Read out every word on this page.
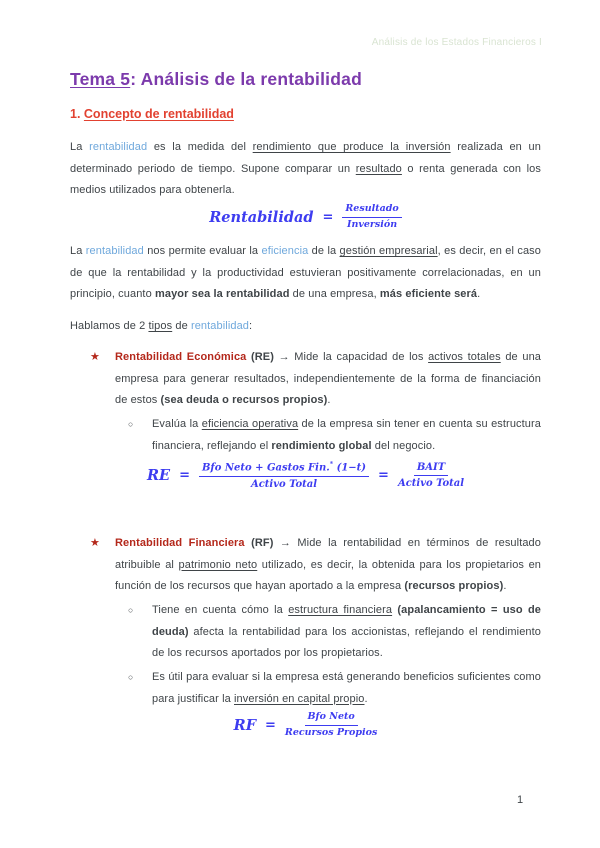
Análisis de los Estados Financieros I
Tema 5: Análisis de la rentabilidad
1. Concepto de rentabilidad

La rentabilidad es la medida del rendimiento que produce la inversión realizada en un determinado periodo de tiempo. Supone comparar un resultado o renta generada con los medios utilizados para obtenerla.

Rentabilidad = $\frac{\text{Resultado}}{\text{Inversión}}$

La rentabilidad nos permite evaluar la eficiencia de la gestión empresarial, es decir, en el caso de que la rentabilidad y la productividad estuvieran positivamente correlacionadas, en un principio, cuanto mayor sea la rentabilidad de una empresa, más eficiente será.

Hablamos de 2 tipos de rentabilidad:

★	Rentabilidad Económica (RE) → Mide la capacidad de los activos totales de una empresa para generar resultados, independientemente de la forma de financiación de estos (sea deuda o recursos propios).
○	Evalúa la eficiencia operativa de la empresa sin tener en cuenta su estructura financiera, reflejando el rendimiento global del negocio.
RE = $\frac{Bfo Neto + Gastos Fin.^* (1-t)}{\text{Activo Total}} = \frac{\text{BAIT}}{\text{Activo Total}}$
★	Rentabilidad Financiera (RF) → Mide la rentabilidad en términos de resultado atribuible al patrimonio neto utilizado, es decir, la obtenida para los propietarios en función de los recursos que hayan aportado a la empresa (recursos propios).
○	Tiene en cuenta cómo la estructura financiera (apalancamiento = uso de deuda) afecta la rentabilidad para los accionistas, reflejando el rendimiento de los recursos aportados por los propietarios.
○	Es útil para evaluar si la empresa está generando beneficios suficientes como para justificar la inversión en capital propio.
RF = $\frac{\text{Bfo Neto}}{\text{Recursos Propios}}$
1
